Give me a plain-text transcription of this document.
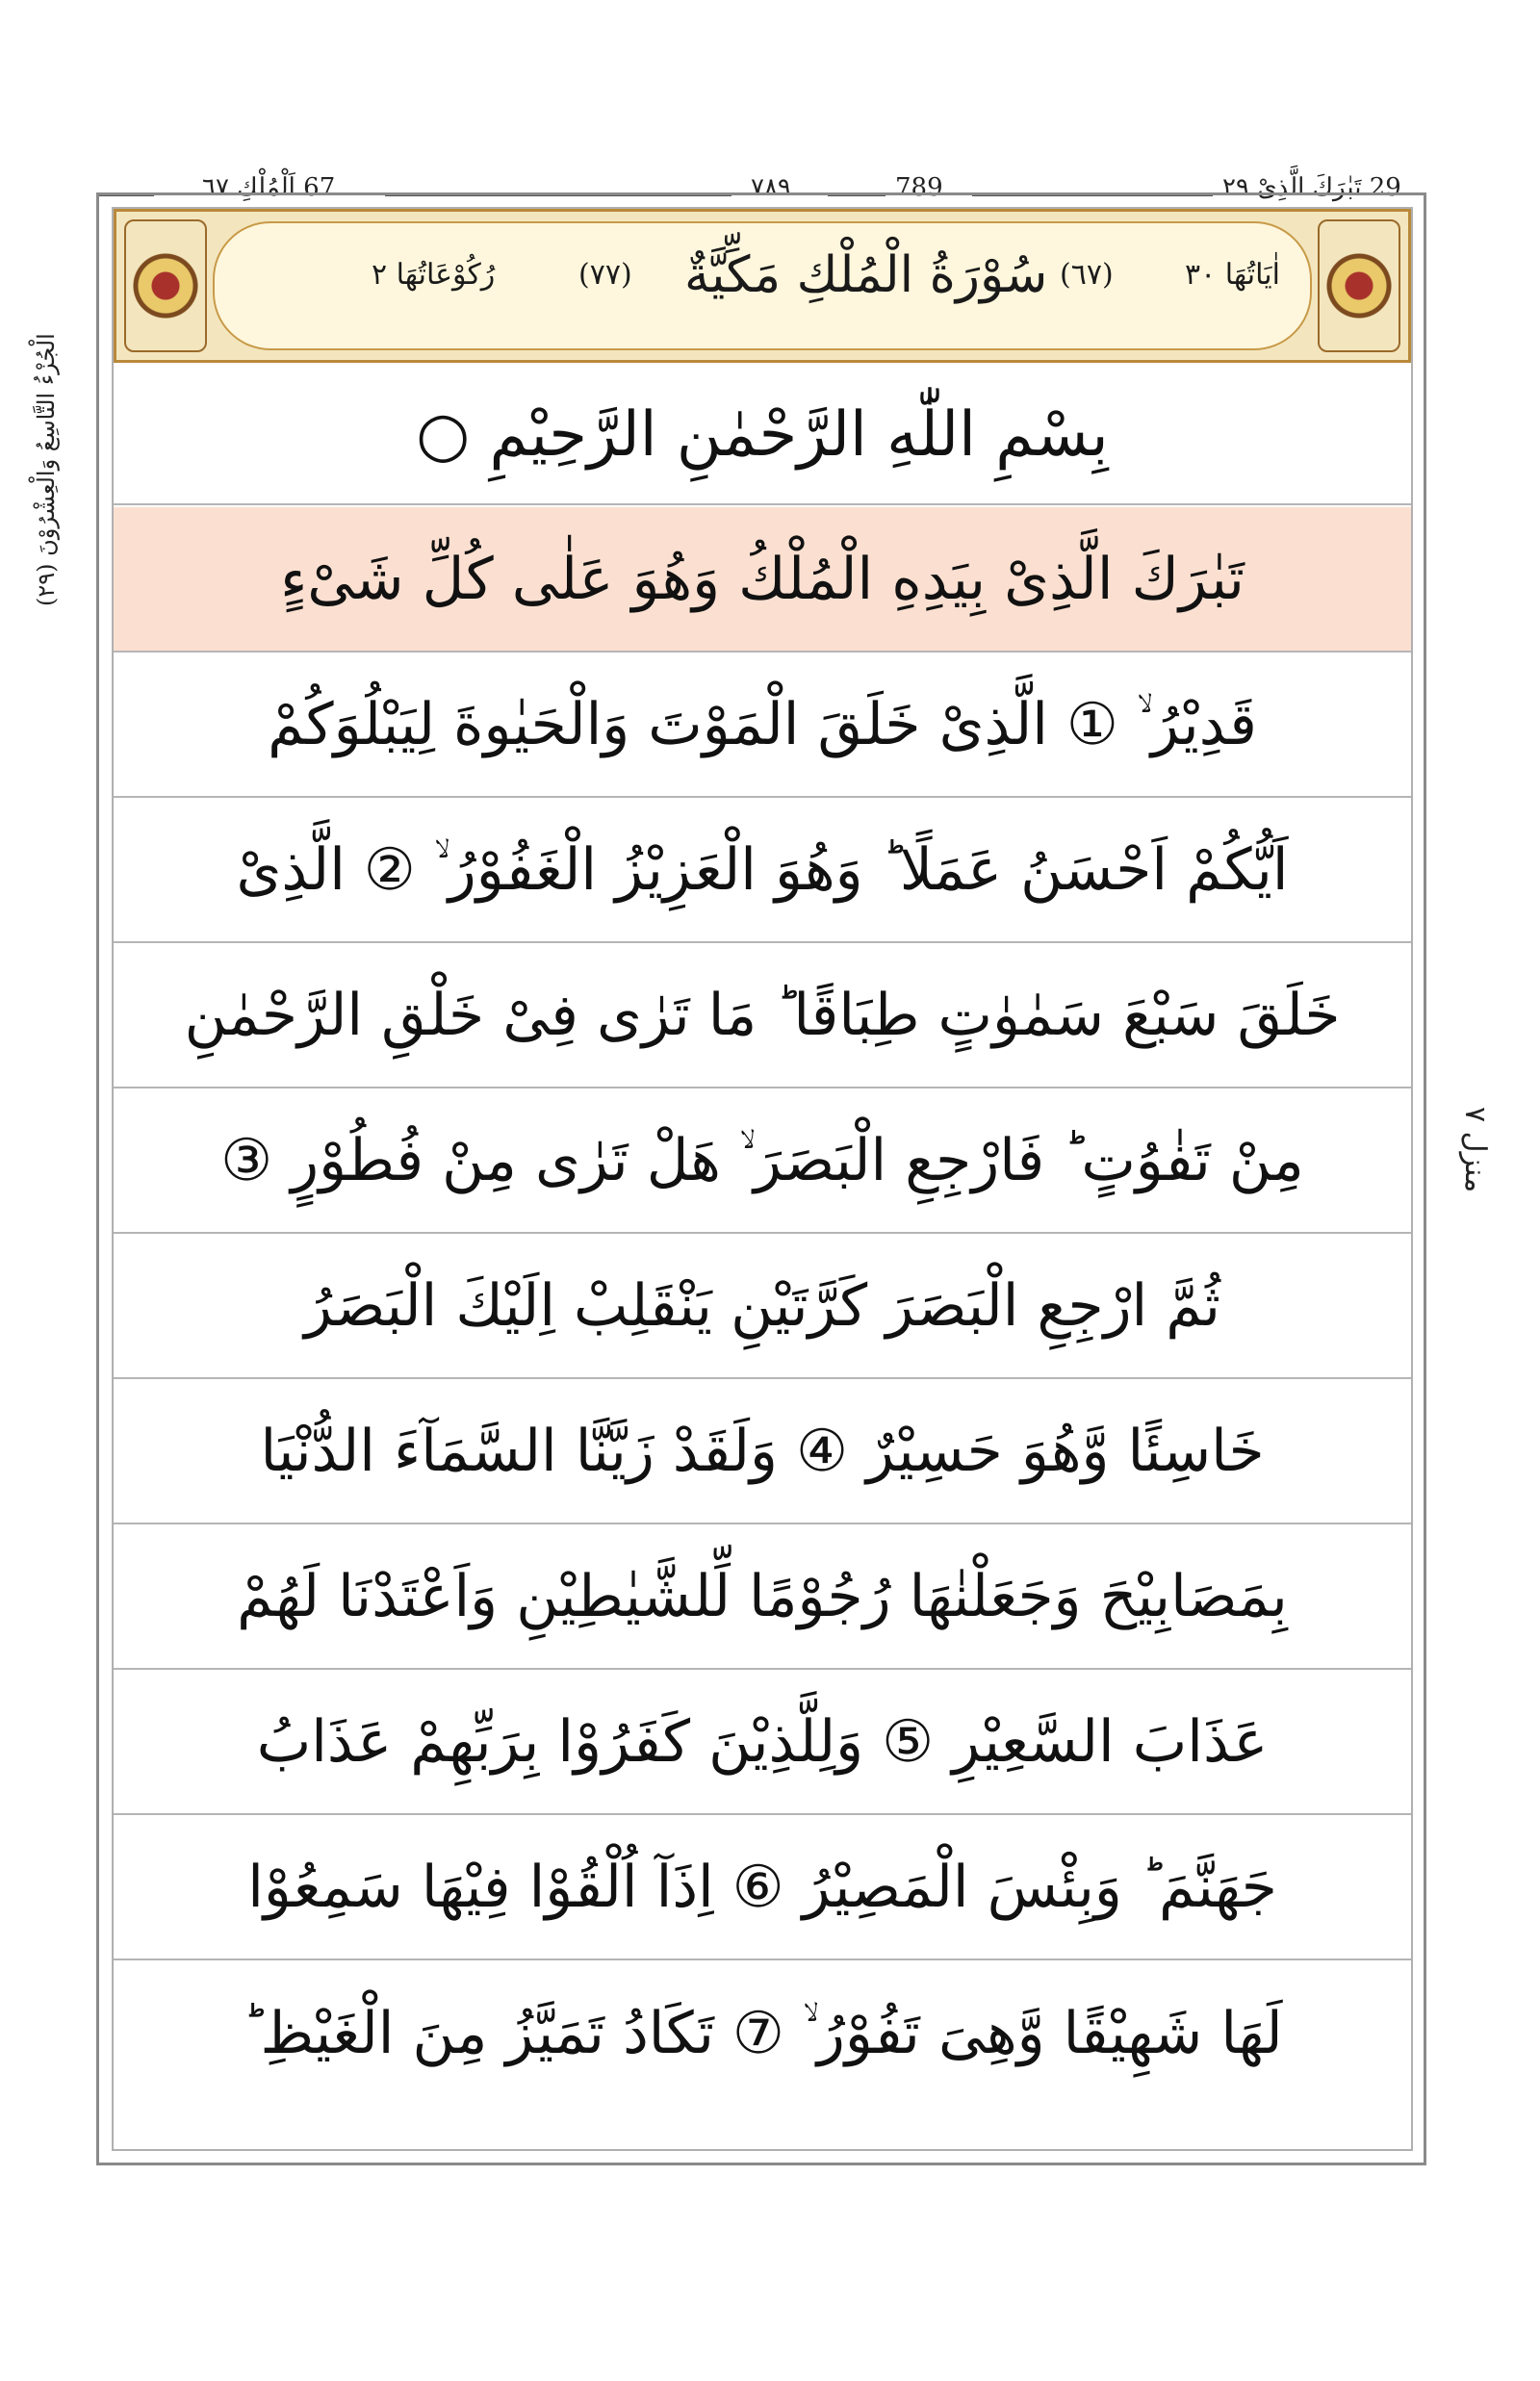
67 اَلْمُلْكِ ٦٧	٧٨٩	789	29 تَبٰرَكَ الَّذِىْ ٢٩
رُكُوْعَاتُهَا ٢	(٧٧) سُوْرَةُ الْمُلْكِ مَكِّيَّةٌ (٦٧) اٰيَاتُهَا ٣٠
بِسْمِ اللّٰهِ الرَّحْمٰنِ الرَّحِيْمِ ○
تَبٰرَكَ الَّذِىْ بِيَدِهِ الْمُلْكُ وَهُوَ عَلٰى كُلِّ شَىْءٍ
قَدِيْرُ ۙ ① الَّذِىْ خَلَقَ الْمَوْتَ وَالْحَيٰوةَ لِيَبْلُوَكُمْ
اَيُّكُمْ اَحْسَنُ عَمَلًا ؕ وَهُوَ الْعَزِيْزُ الْغَفُوْرُ ۙ ② الَّذِىْ
خَلَقَ سَبْعَ سَمٰوٰتٍ طِبَاقًا ؕ مَا تَرٰى فِىْ خَلْقِ الرَّحْمٰنِ
مِنْ تَفٰوُتٍ ؕ فَارْجِعِ الْبَصَرَ ۙ هَلْ تَرٰى مِنْ فُطُوْرٍ ③
ثُمَّ ارْجِعِ الْبَصَرَ كَرَّتَيْنِ يَنْقَلِبْ اِلَيْكَ الْبَصَرُ
خَاسِئًا وَّهُوَ حَسِيْرٌ ④ وَلَقَدْ زَيَّنَّا السَّمَآءَ الدُّنْيَا
بِمَصَابِيْحَ وَجَعَلْنٰهَا رُجُوْمًا لِّلشَّيٰطِيْنِ وَاَعْتَدْنَا لَهُمْ
عَذَابَ السَّعِيْرِ ⑤ وَلِلَّذِيْنَ كَفَرُوْا بِرَبِّهِمْ عَذَابُ
جَهَنَّمَ ؕ وَبِئْسَ الْمَصِيْرُ ⑥ اِذَآ اُلْقُوْا فِيْهَا سَمِعُوْا
لَهَا شَهِيْقًا وَّهِىَ تَفُوْرُ ۙ ⑦ تَكَادُ تَمَيَّزُ مِنَ الْغَيْظِ ؕ
(٢٩) الْجُزْءُ التَّاسِعُ وَالْعِشْرُوْنَ
منزل ٧
